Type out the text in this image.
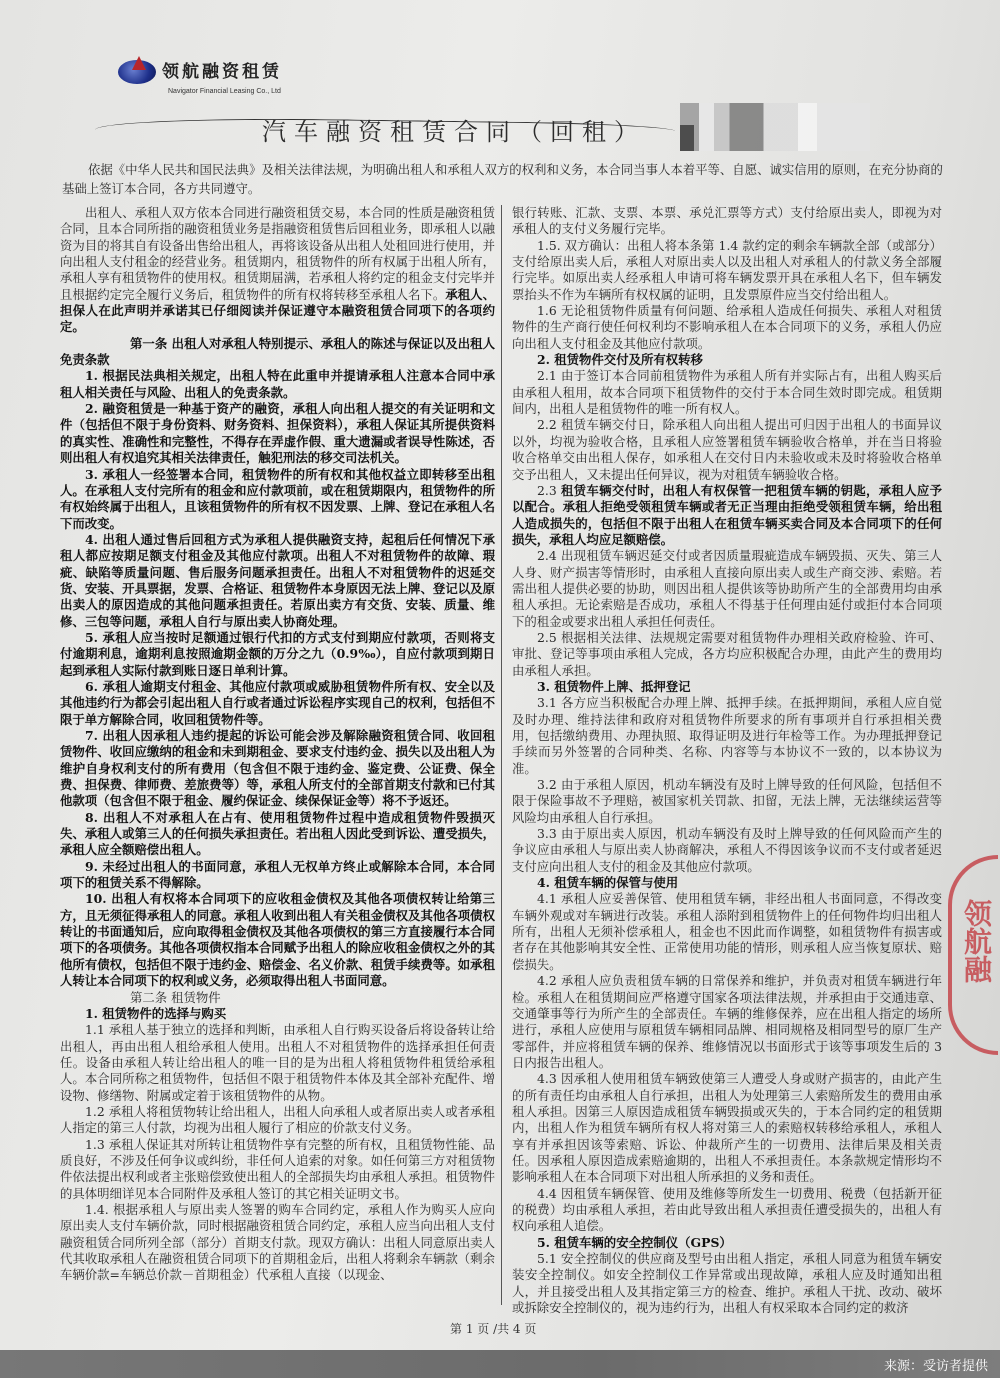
领航融资租赁
Navigator Financial Leasing Co., Ltd
汽车融资租赁合同（回租）
依据《中华人民共和国民法典》及相关法律法规，为明确出租人和承租人双方的权利和义务，本合同当事人本着平等、自愿、诚实信用的原则，在充分协商的基础上签订本合同，各方共同遵守。

出租人、承租人双方依本合同进行融资租赁交易，本合同的性质是融资租赁合同，且本合同所指的融资租赁业务是指融资租赁售后回租业务，即承租人以融资为目的将其自有设备出售给出租人，再将该设备从出租人处租回进行使用，并向出租人支付租金的经营业务。租赁期内，租赁物件的所有权属于出租人所有，承租人享有租赁物件的使用权。租赁期届满，若承租人将约定的租金支付完毕并且根据约定完全履行义务后，租赁物件的所有权将转移至承租人名下。承租人、担保人在此声明并承诺其已仔细阅读并保证遵守本融资租赁合同项下的各项约定。

第一条 出租人对承租人特别提示、承租人的陈述与保证以及出租人免责条款

1. 根据民法典相关规定，出租人特在此重申并提请承租人注意本合同中承租人相关责任与风险、出租人的免责条款。

2. 融资租赁是一种基于资产的融资，承租人向出租人提交的有关证明和文件（包括但不限于身份资料、财务资料、担保资料），承租人保证其所提供资料的真实性、准确性和完整性，不得存在弄虚作假、重大遗漏或者误导性陈述，否则出租人有权追究其相关法律责任，触犯刑法的移交司法机关。

3. 承租人一经签署本合同，租赁物件的所有权和其他权益立即转移至出租人。在承租人支付完所有的租金和应付款项前，或在租赁期限内，租赁物件的所有权始终属于出租人，且该租赁物件的所有权不因发票、上牌、登记在承租人名下而改变。

4. 出租人通过售后回租方式为承租人提供融资支持，起租后任何情况下承租人都应按期足额支付租金及其他应付款项。出租人不对租赁物件的故障、瑕疵、缺陷等质量问题、售后服务问题承担责任。出租人不对租赁物件的迟延交货、安装、开具票据，发票、合格证、租赁物件本身原因无法上牌、登记以及原出卖人的原因造成的其他问题承担责任。若原出卖方有交货、安装、质量、维修、三包等问题，承租人自行与原出卖人协商处理。

5. 承租人应当按时足额通过银行代扣的方式支付到期应付款项，否则将支付逾期利息，逾期利息按照逾期金额的万分之九（0.9‰），自应付款项到期日起到承租人实际付款到账日逐日单利计算。

6. 承租人逾期支付租金、其他应付款项或威胁租赁物件所有权、安全以及其他违约行为都会引起出租人自行或者通过诉讼程序实现自己的权利，包括但不限于单方解除合同，收回租赁物件等。

7. 出租人因承租人违约提起的诉讼可能会涉及解除融资租赁合同、收回租赁物件、收回应缴纳的租金和未到期租金、要求支付违约金、损失以及出租人为维护自身权利支付的所有费用（包含但不限于违约金、鉴定费、公证费、保全费、担保费、律师费、差旅费等）等，承租人所支付的全部首期支付款和已付其他款项（包含但不限于租金、履约保证金、续保保证金等）将不予返还。

8. 出租人不对承租人在占有、使用租赁物件过程中造成租赁物件毁损灭失、承租人或第三人的任何损失承担责任。若出租人因此受到诉讼、遭受损失，承租人应全额赔偿出租人。

9. 未经过出租人的书面同意，承租人无权单方终止或解除本合同，本合同项下的租赁关系不得解除。

10. 出租人有权将本合同项下的应收租金债权及其他各项债权转让给第三方，且无须征得承租人的同意。承租人收到出租人有关租金债权及其他各项债权转让的书面通知后，应向取得租金债权及其他各项债权的第三方直接履行本合同项下的各项债务。其他各项债权指本合同赋予出租人的除应收租金债权之外的其他所有债权，包括但不限于违约金、赔偿金、名义价款、租赁手续费等。如承租人转让本合同项下的权利或义务，必须取得出租人书面同意。

第二条 租赁物件

1. 租赁物件的选择与购买

1.1 承租人基于独立的选择和判断，由承租人自行购买设备后将设备转让给出租人，再由出租人租给承租人使用。出租人不对租赁物件的选择承担任何责任。设备由承租人转让给出租人的唯一目的是为出租人将租赁物件租赁给承租人。本合同所称之租赁物件，包括但不限于租赁物件本体及其全部补充配件、增设物、修缮物、附属或定着于该租赁物件的从物。

1.2 承租人将租赁物转让给出租人，出租人向承租人或者原出卖人或者承租人指定的第三人付款，均视为出租人履行了相应的价款支付义务。

1.3 承租人保证其对所转让租赁物件享有完整的所有权，且租赁物性能、品质良好，不涉及任何争议或纠纷，非任何人追索的对象。如任何第三方对租赁物件依法提出权利或者主张赔偿致使出租人的全部损失均由承租人承担。租赁物件的具体明细详见本合同附件及承租人签订的其它相关证明文书。

1.4. 根据承租人与原出卖人签署的购车合同约定，承租人作为购买人应向原出卖人支付车辆价款，同时根据融资租赁合同约定，承租人应当向出租人支付融资租赁合同所列全部（部分）首期支付款。现双方确认：出租人同意原出卖人代其收取承租人在融资租赁合同项下的首期租金后，出租人将剩余车辆款（剩余车辆价款=车辆总价款－首期租金）代承租人直接（以现金、

银行转账、汇款、支票、本票、承兑汇票等方式）支付给原出卖人，即视为对承租人的支付义务履行完毕。

1.5. 双方确认：出租人将本条第 1.4 款约定的剩余车辆款全部（或部分）支付给原出卖人后，承租人对原出卖人以及出租人对承租人的付款义务全部履行完毕。如原出卖人经承租人申请可将车辆发票开具在承租人名下，但车辆发票抬头不作为车辆所有权权属的证明，且发票原件应当交付给出租人。

1.6 无论租赁物件质量有何问题、给承租人造成任何损失、承租人对租赁物件的生产商行使任何权利均不影响承租人在本合同项下的义务，承租人仍应向出租人支付租金及其他应付款项。

2. 租赁物件交付及所有权转移

2.1 由于签订本合同前租赁物件为承租人所有并实际占有，出租人购买后由承租人租用，故本合同项下租赁物件的交付于本合同生效时即完成。租赁期间内，出租人是租赁物件的唯一所有权人。

2.2 租赁车辆交付日，除承租人向出租人提出可归因于出租人的书面异议以外，均视为验收合格，且承租人应签署租赁车辆验收合格单，并在当日将验收合格单交由出租人保存，如承租人在交付日内未验收或未及时将验收合格单交予出租人，又未提出任何异议，视为对租赁车辆验收合格。

2.3 租赁车辆交付时，出租人有权保管一把租赁车辆的钥匙，承租人应予以配合。承租人拒绝受领租赁车辆或者无正当理由拒绝受领租赁车辆，给出租人造成损失的，包括但不限于出租人在租赁车辆买卖合同及本合同项下的任何损失，承租人均应足额赔偿。

2.4 出现租赁车辆迟延交付或者因质量瑕疵造成车辆毁损、灭失、第三人人身、财产损害等情形时，由承租人直接向原出卖人或生产商交涉、索赔。若需出租人提供必要的协助，则因出租人提供该等协助所产生的全部费用均由承租人承担。无论索赔是否成功，承租人不得基于任何理由延付或拒付本合同项下的租金或要求出租人承担任何责任。

2.5 根据相关法律、法规规定需要对租赁物件办理相关政府检验、许可、审批、登记等事项由承租人完成，各方均应积极配合办理，由此产生的费用均由承租人承担。

3. 租赁物件上牌、抵押登记

3.1 各方应当积极配合办理上牌、抵押手续。在抵押期间，承租人应自觉及时办理、维持法律和政府对租赁物件所要求的所有事项并自行承担相关费用，包括缴纳费用、办理执照、取得证明及进行年检等工作。为办理抵押登记手续而另外签署的合同种类、名称、内容等与本协议不一致的，以本协议为准。

3.2 由于承租人原因，机动车辆没有及时上牌导致的任何风险，包括但不限于保险事故不予理赔，被国家机关罚款、扣留，无法上牌，无法继续运营等风险均由承租人自行承担。

3.3 由于原出卖人原因，机动车辆没有及时上牌导致的任何风险而产生的争议应由承租人与原出卖人协商解决，承租人不得因该争议而不支付或者延迟支付应向出租人支付的租金及其他应付款项。

4. 租赁车辆的保管与使用

4.1 承租人应妥善保管、使用租赁车辆，非经出租人书面同意，不得改变车辆外观或对车辆进行改装。承租人添附到租赁物件上的任何物件均归出租人所有，出租人无须补偿承租人，租金也不因此而作调整，如租赁物件有损害或者存在其他影响其安全性、正常使用功能的情形，则承租人应当恢复原状、赔偿损失。

4.2 承租人应负责租赁车辆的日常保养和维护，并负责对租赁车辆进行年检。承租人在租赁期间应严格遵守国家各项法律法规，并承担由于交通违章、交通肇事等行为所产生的全部责任。车辆的维修保养，应在出租人指定的场所进行，承租人应使用与原租赁车辆相同品牌、相同规格及相同型号的原厂生产零部件，并应将租赁车辆的保养、维修情况以书面形式于该等事项发生后的 3 日内报告出租人。

4.3 因承租人使用租赁车辆致使第三人遭受人身或财产损害的，由此产生的所有责任均由承租人自行承担，出租人为处理第三人索赔所发生的费用由承租人承担。因第三人原因造成租赁车辆毁损或灭失的，于本合同约定的租赁期内，出租人作为租赁车辆所有权人将对第三人的索赔权转移给承租人，承租人享有并承担因该等索赔、诉讼、仲裁所产生的一切费用、法律后果及相关责任。因承租人原因造成索赔逾期的，出租人不承担责任。本条款规定情形均不影响承租人在本合同项下对出租人所承担的义务和责任。

4.4 因租赁车辆保管、使用及维修等所发生一切费用、税费（包括新开征的税费）均由承租人承担，若由此导致出租人承担责任遭受损失的，出租人有权向承租人追偿。

5. 租赁车辆的安全控制仪（GPS）

5.1 安全控制仪的供应商及型号由出租人指定，承租人同意为租赁车辆安装安全控制仪。如安全控制仪工作异常或出现故障，承租人应及时通知出租人，并且接受出租人及其指定第三方的检查、维护。承租人干扰、改动、破坏或拆除安全控制仪的，视为违约行为，出租人有权采取本合同约定的救济

领航融
第 1 页 /共 4 页
来源：受访者提供
